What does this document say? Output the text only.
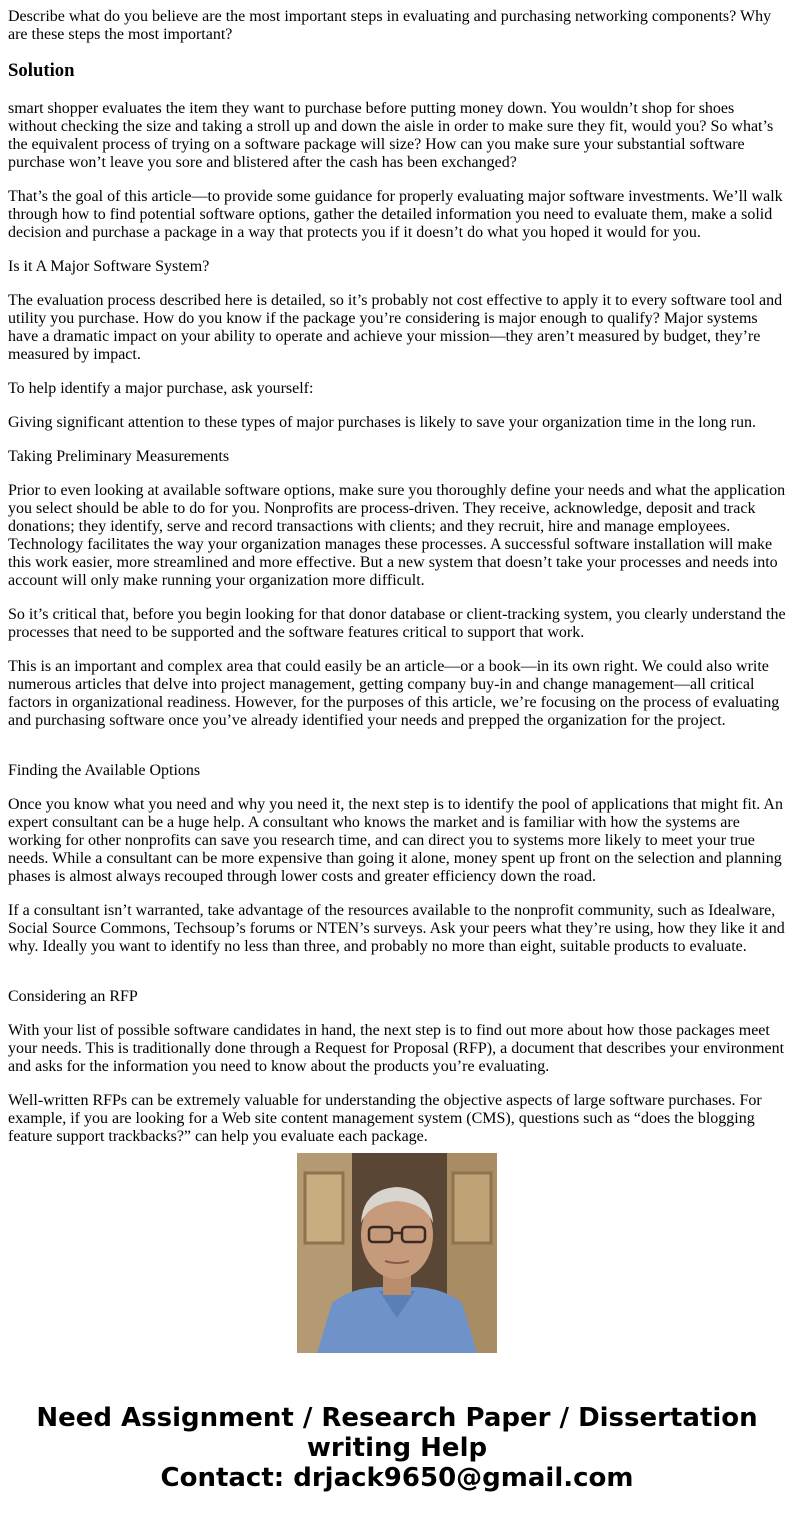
Describe what do you believe are the most important steps in evaluating and purchasing networking components? Why are these steps the most important?

Solution

smart shopper evaluates the item they want to purchase before putting money down. You wouldn’t shop for shoes without checking the size and taking a stroll up and down the aisle in order to make sure they fit, would you? So what’s the equivalent process of trying on a software package will size? How can you make sure your substantial software purchase won’t leave you sore and blistered after the cash has been exchanged?

That’s the goal of this article—to provide some guidance for properly evaluating major software investments. We’ll walk through how to find potential software options, gather the detailed information you need to evaluate them, make a solid decision and purchase a package in a way that protects you if it doesn’t do what you hoped it would for you.

Is it A Major Software System?

The evaluation process described here is detailed, so it’s probably not cost effective to apply it to every software tool and utility you purchase. How do you know if the package you’re considering is major enough to qualify? Major systems have a dramatic impact on your ability to operate and achieve your mission—they aren’t measured by budget, they’re measured by impact.

To help identify a major purchase, ask yourself:

Giving significant attention to these types of major purchases is likely to save your organization time in the long run.

Taking Preliminary Measurements

Prior to even looking at available software options, make sure you thoroughly define your needs and what the application you select should be able to do for you. Nonprofits are process-driven. They receive, acknowledge, deposit and track donations; they identify, serve and record transactions with clients; and they recruit, hire and manage employees. Technology facilitates the way your organization manages these processes. A successful software installation will make this work easier, more streamlined and more effective. But a new system that doesn’t take your processes and needs into account will only make running your organization more difficult.

So it’s critical that, before you begin looking for that donor database or client-tracking system, you clearly understand the processes that need to be supported and the software features critical to support that work.

This is an important and complex area that could easily be an article—or a book—in its own right. We could also write numerous articles that delve into project management, getting company buy-in and change management—all critical factors in organizational readiness. However, for the purposes of this article, we’re focusing on the process of evaluating and purchasing software once you’ve already identified your needs and prepped the organization for the project.

Finding the Available Options

Once you know what you need and why you need it, the next step is to identify the pool of applications that might fit. An expert consultant can be a huge help. A consultant who knows the market and is familiar with how the systems are working for other nonprofits can save you research time, and can direct you to systems more likely to meet your true needs. While a consultant can be more expensive than going it alone, money spent up front on the selection and planning phases is almost always recouped through lower costs and greater efficiency down the road.

If a consultant isn’t warranted, take advantage of the resources available to the nonprofit community, such as Idealware, Social Source Commons, Techsoup’s forums or NTEN’s surveys. Ask your peers what they’re using, how they like it and why. Ideally you want to identify no less than three, and probably no more than eight, suitable products to evaluate.

Considering an RFP

With your list of possible software candidates in hand, the next step is to find out more about how those packages meet your needs. This is traditionally done through a Request for Proposal (RFP), a document that describes your environment and asks for the information you need to know about the products you’re evaluating.

Well-written RFPs can be extremely valuable for understanding the objective aspects of large software purchases. For example, if you are looking for a Web site content management system (CMS), questions such as “does the blogging feature support trackbacks?” can help you evaluate each package.

Need Assignment / Research Paper / Dissertation
writing Help
Contact: drjack9650@gmail.com
